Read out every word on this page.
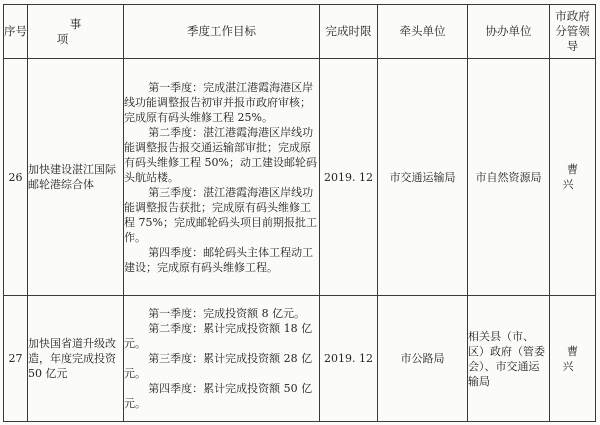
序号	事项	季度工作目标	完成时限	牵头单位	协办单位	市政府
分管领导

26	加快建设湛江国际邮轮港综合体	第一季度：完成湛江港霞海港区岸线功能调整报告初审并报市政府审核；完成原有码头维修工程 25%。
第二季度：湛江港霞海港区岸线功能调整报告报交通运输部审批；完成原有码头维修工程 50%；动工建设邮轮码头航站楼。
第三季度：湛江港霞海港区岸线功能调整报告获批；完成原有码头维修工程 75%；完成邮轮码头项目前期报批工作。
第四季度：邮轮码头主体工程动工建设；完成原有码头维修工程。	2019. 12	市交通运输局	市自然资源局	曹兴
27	加快国省道升级改造，年度完成投资 50 亿元	第一季度：完成投资额 8 亿元。
第二季度：累计完成投资额 18 亿元。
第三季度：累计完成投资额 28 亿元。
第四季度：累计完成投资额 50 亿元。	2019. 12	市公路局	相关县（市、区）政府（管委会）、市交通运输局	曹兴
